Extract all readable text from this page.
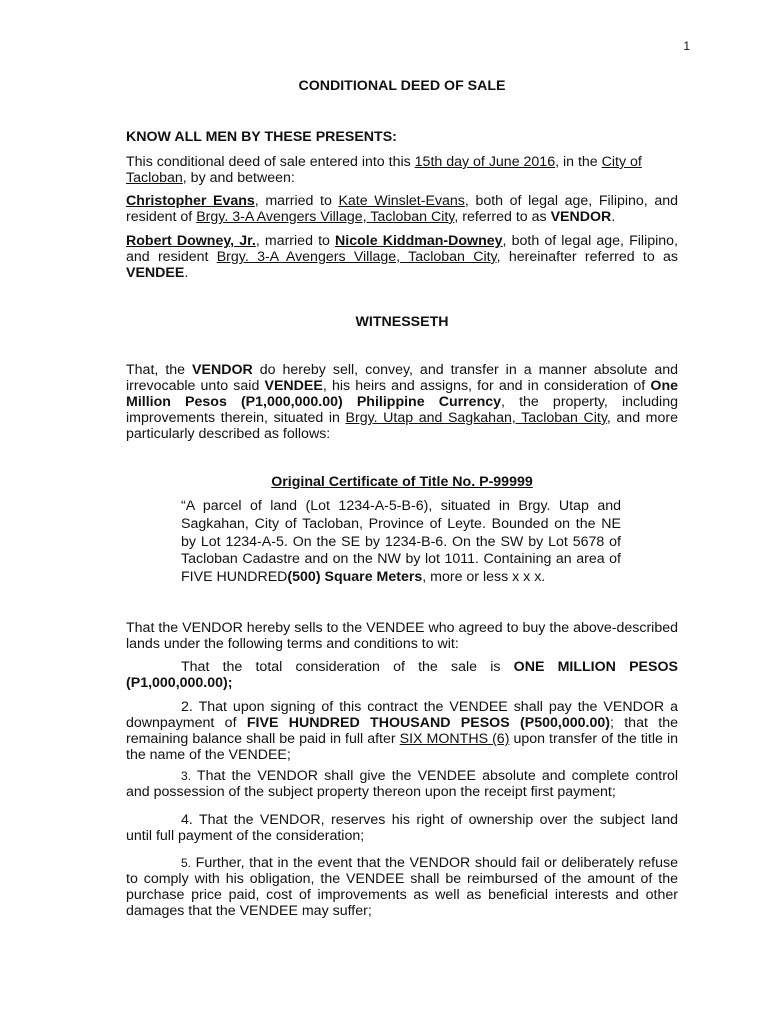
1
CONDITIONAL DEED OF SALE
KNOW ALL MEN BY THESE PRESENTS:

This conditional deed of sale entered into this 15th day of June 2016, in the City of
Tacloban, by and between:

Christopher Evans, married to Kate Winslet-Evans, both of legal age, Filipino, and resident of Brgy. 3-A Avengers Village, Tacloban City, referred to as VENDOR.

Robert Downey, Jr., married to Nicole Kiddman-Downey, both of legal age, Filipino, and resident Brgy. 3-A Avengers Village, Tacloban City, hereinafter referred to as VENDEE.

WITNESSETH

That, the VENDOR do hereby sell, convey, and transfer in a manner absolute and irrevocable unto said VENDEE, his heirs and assigns, for and in consideration of One Million Pesos (P1,000,000.00) Philippine Currency, the property, including improvements therein, situated in Brgy. Utap and Sagkahan, Tacloban City, and more particularly described as follows:

Original Certificate of Title No. P-99999

“A parcel of land (Lot 1234-A-5-B-6), situated in Brgy. Utap and Sagkahan, City of Tacloban, Province of Leyte. Bounded on the NE by Lot 1234-A-5. On the SE by 1234-B-6. On the SW by Lot 5678 of Tacloban Cadastre and on the NW by lot 1011. Containing an area of FIVE HUNDRED(500) Square Meters, more or less x x x.

That the VENDOR hereby sells to the VENDEE who agreed to buy the above-described lands under the following terms and conditions to wit:

That the total consideration of the sale is ONE MILLION PESOS (P1,000,000.00);

2. That upon signing of this contract the VENDEE shall pay the VENDOR a downpayment of FIVE HUNDRED THOUSAND PESOS (P500,000.00); that the remaining balance shall be paid in full after SIX MONTHS (6) upon transfer of the title in the name of the VENDEE;

3. That the VENDOR shall give the VENDEE absolute and complete control and possession of the subject property thereon upon the receipt first payment;

4. That the VENDOR, reserves his right of ownership over the subject land until full payment of the consideration;

5. Further, that in the event that the VENDOR should fail or deliberately refuse to comply with his obligation, the VENDEE shall be reimbursed of the amount of the purchase price paid, cost of improvements as well as beneficial interests and other damages that the VENDEE may suffer;
